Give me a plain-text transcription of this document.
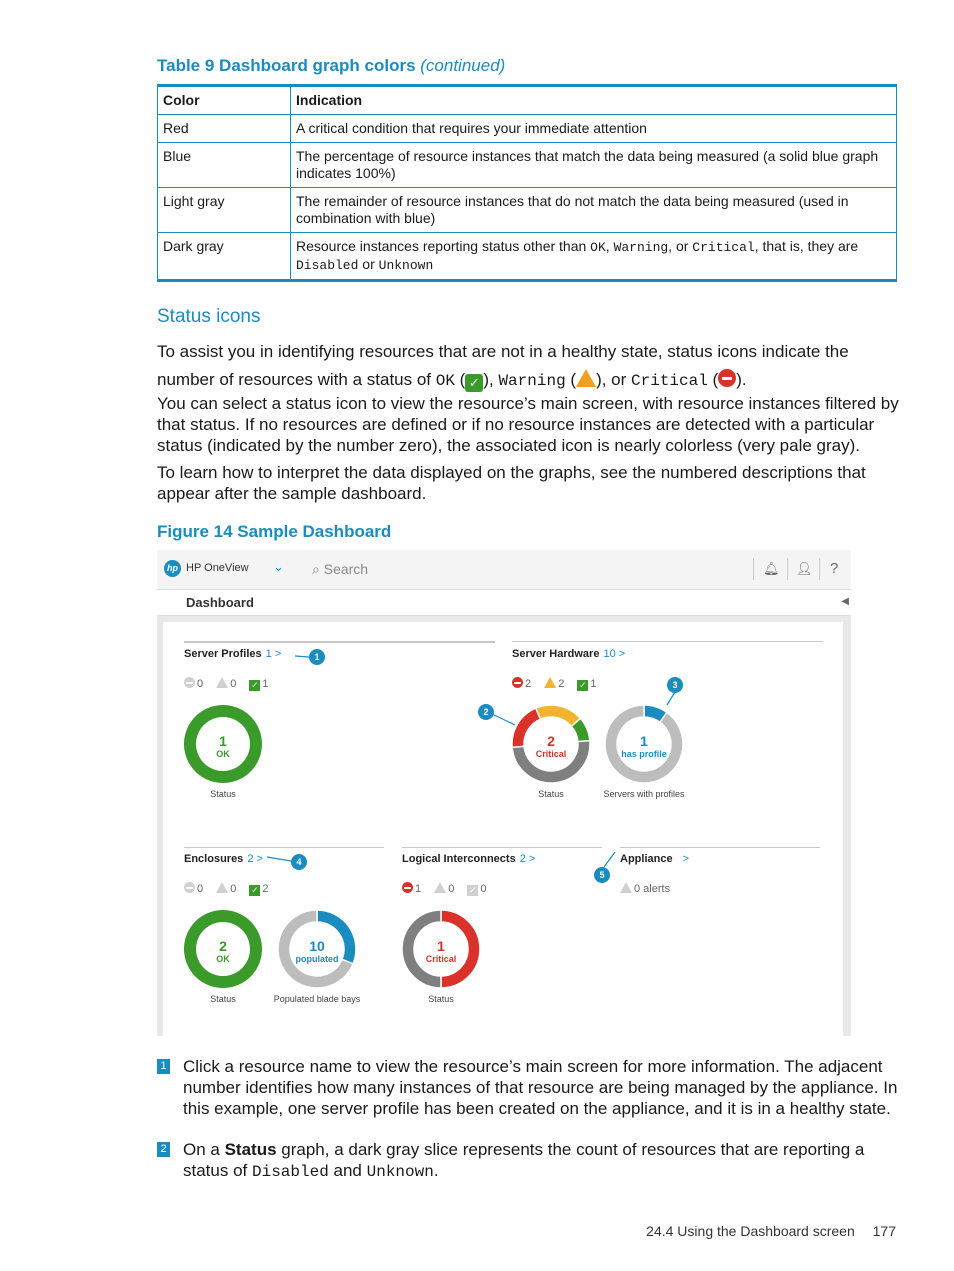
Table 9 Dashboard graph colors (continued)
Color	Indication
Red	A critical condition that requires your immediate attention
Blue	The percentage of resource instances that match the data being measured (a solid blue graph indicates 100%)
Light gray	The remainder of resource instances that do not match the data being measured (used in combination with blue)
Dark gray	Resource instances reporting status other than OK, Warning, or Critical, that is, they are
Disabled or Unknown
Status icons
To assist you in identifying resources that are not in a healthy state, status icons indicate the number of resources with a status of OK ( ✓ ), Warning ( ), or Critical ( ).
You can select a status icon to view the resource’s main screen, with resource instances filtered by that status. If no resources are defined or if no resource instances are detected with a particular status (indicated by the number zero), the associated icon is nearly colorless (very pale gray).
To learn how to interpret the data displayed on the graphs, see the numbered descriptions that appear after the sample dashboard.
Figure 14 Sample Dashboard
hp HP OneView ⌄ ⌕ Search	🔔︎ 👤︎ ?
Dashboard	◀
Server Profiles 1 >
0 0 ✓ 1
Server Hardware 10 >
2 2 ✓ 1
Enclosures 2 >
0 0 ✓ 2
Logical Interconnects 2 >
1 0 ✓ 0
Appliance >
0 alerts
Status	Status	Servers with profiles
Status	Populated blade bays	Status
1
OK
2
Critical
1
has profile
2
OK
10
populated
1
Critical
1
2
3
4
5
1 Click a resource name to view the resource’s main screen for more information. The adjacent number identifies how many instances of that resource are being managed by the appliance. In this example, one server profile has been created on the appliance, and it is in a healthy state.
2 On a Status graph, a dark gray slice represents the count of resources that are reporting a status of Disabled and Unknown.
24.4 Using the Dashboard screen 177
